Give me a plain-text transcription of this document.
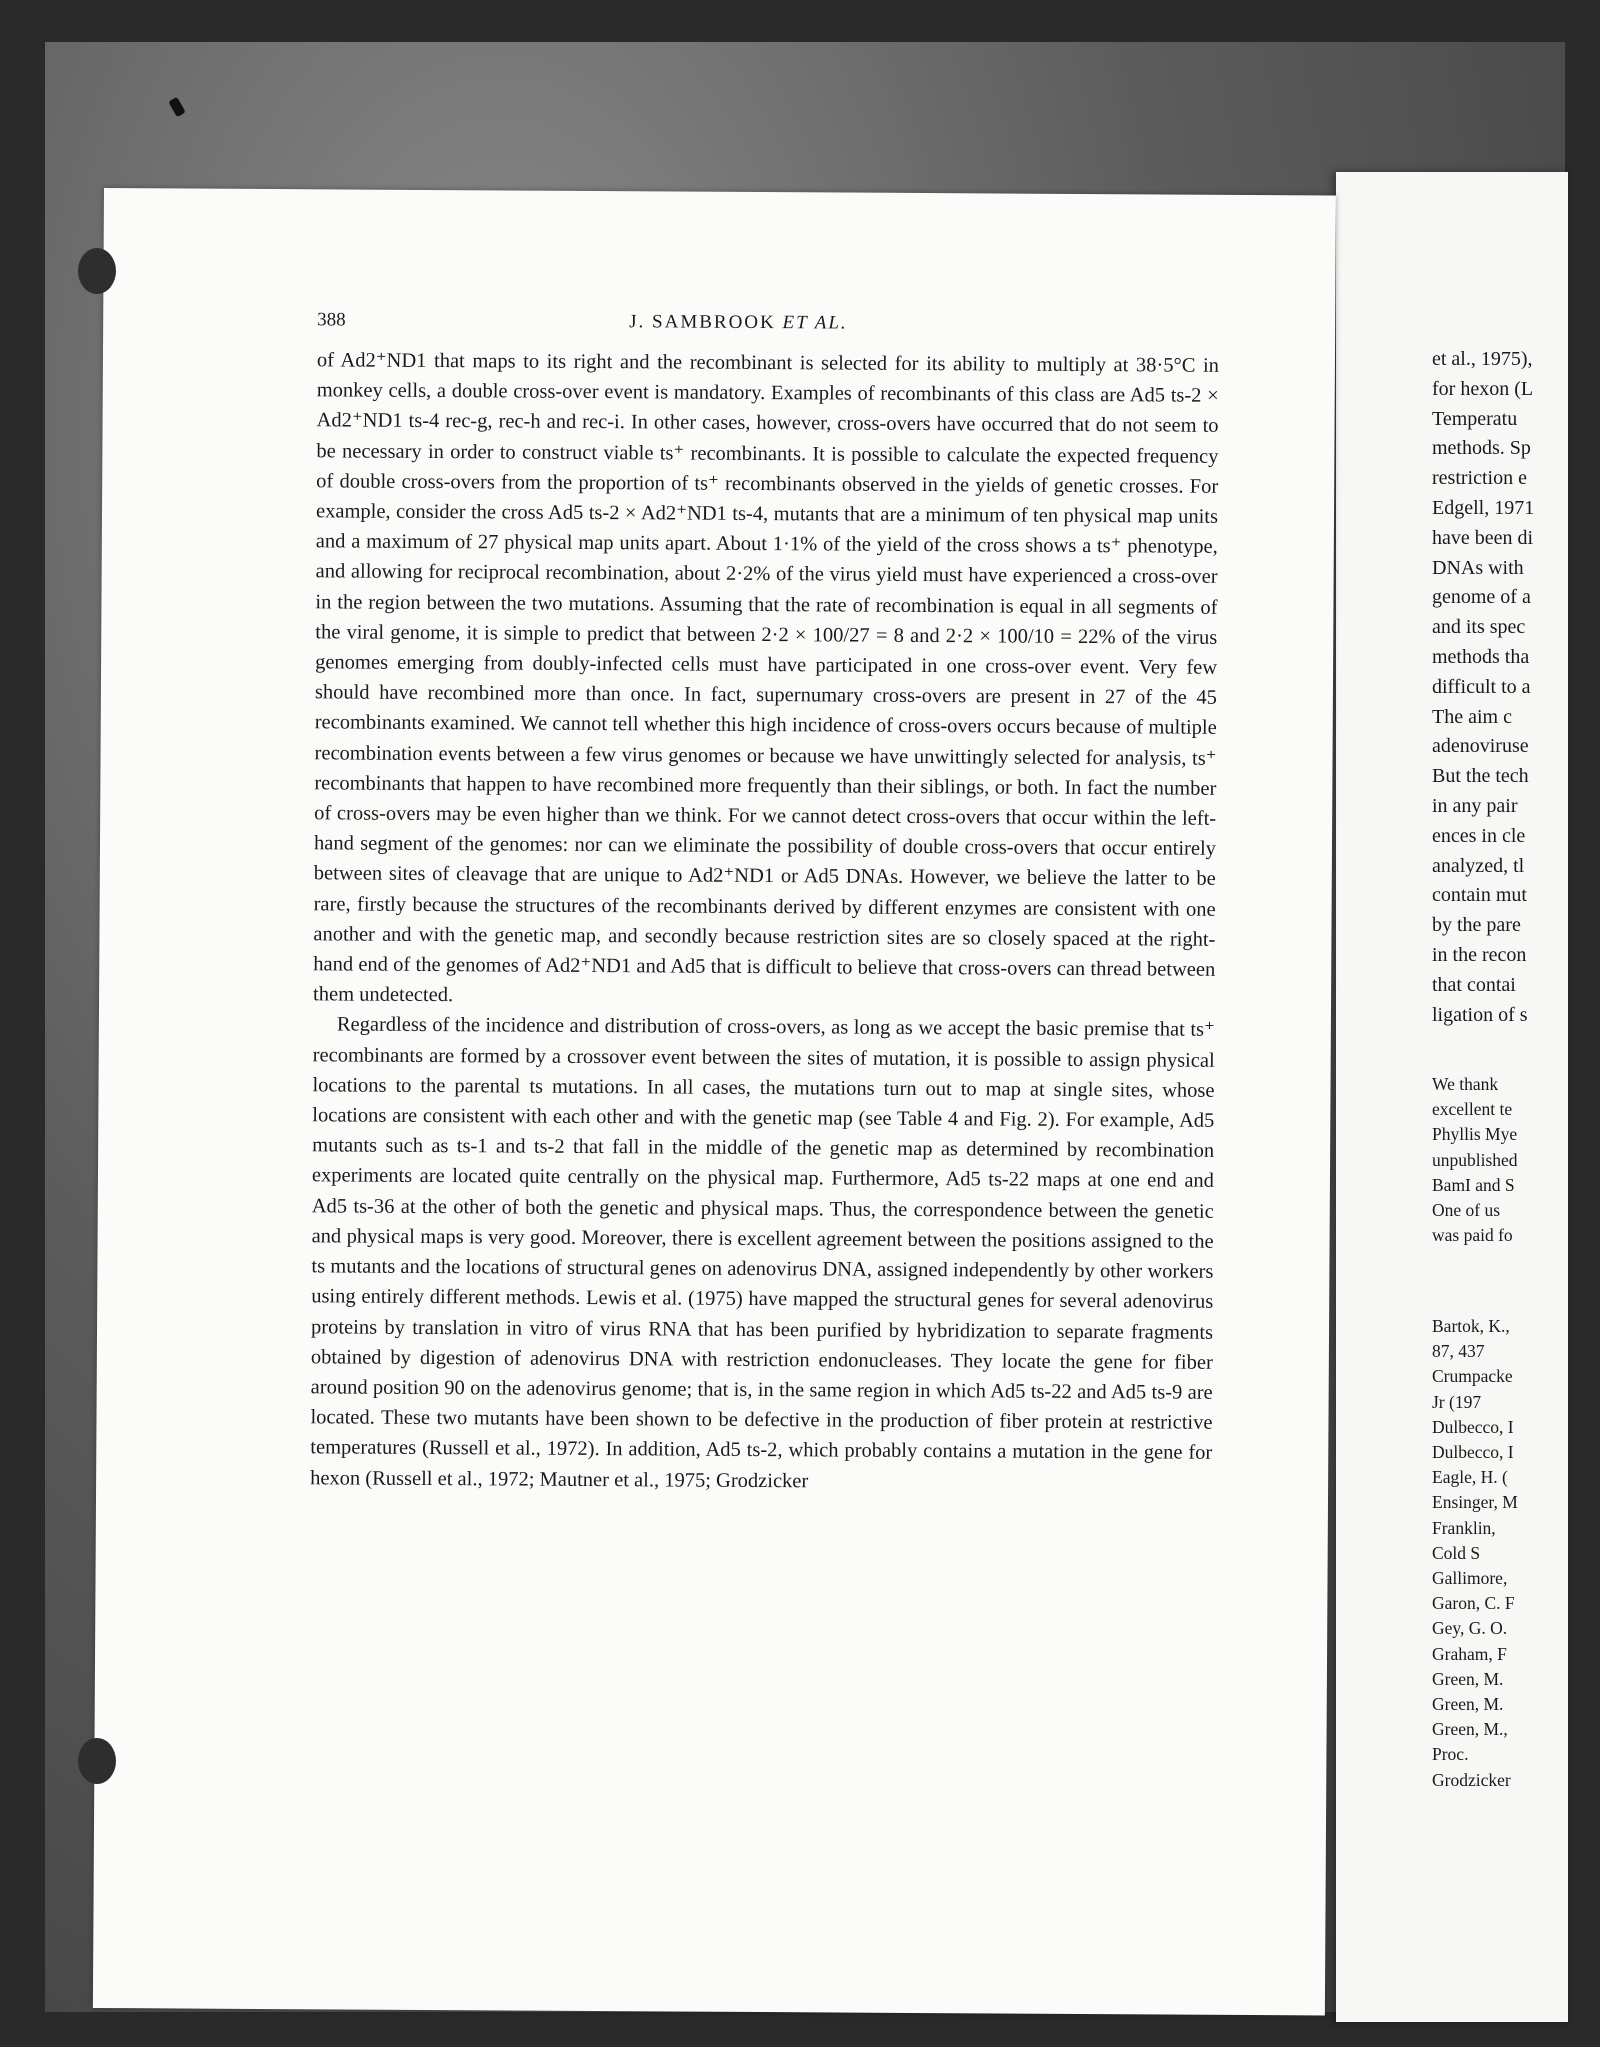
et al., 1975),
for hexon (L
Temperatu
methods. Sp
restriction e
Edgell, 1971
have been di
DNAs with
genome of a
and its spec
methods tha
difficult to a
The aim c
adenoviruse
But the tech
in any pair
ences in cle
analyzed, tl
contain mut
by the pare
in the recon
that contai
ligation of s
We thank
excellent te
Phyllis Mye
unpublished
BamI and S
One of us
was paid fo
Bartok, K.,
87, 437
Crumpacke
Jr (197
Dulbecco, I
Dulbecco, I
Eagle, H. (
Ensinger, M
Franklin,
Cold S
Gallimore,
Garon, C. F
Gey, G. O.
Graham, F
Green, M.
Green, M.
Green, M.,
Proc.
Grodzicker
388	J. SAMBROOK ET AL.

of Ad2⁺ND1 that maps to its right and the recombinant is selected for its ability to multiply at 38·5°C in monkey cells, a double cross-over event is mandatory. Examples of recombinants of this class are Ad5 ts-2 × Ad2⁺ND1 ts-4 rec-g, rec-h and rec-i. In other cases, however, cross-overs have occurred that do not seem to be necessary in order to construct viable ts⁺ recombinants. It is possible to calculate the expected frequency of double cross-overs from the proportion of ts⁺ recombinants observed in the yields of genetic crosses. For example, consider the cross Ad5 ts-2 × Ad2⁺ND1 ts-4, mutants that are a minimum of ten physical map units and a maximum of 27 physical map units apart. About 1·1% of the yield of the cross shows a ts⁺ phenotype, and allowing for reciprocal recombination, about 2·2% of the virus yield must have experienced a cross-over in the region between the two mutations. Assuming that the rate of recombination is equal in all segments of the viral genome, it is simple to predict that between 2·2 × 100/27 = 8 and 2·2 × 100/10 = 22% of the virus genomes emerging from doubly-infected cells must have participated in one cross-over event. Very few should have recombined more than once. In fact, supernumary cross-overs are present in 27 of the 45 recombinants examined. We cannot tell whether this high incidence of cross-overs occurs because of multiple recombination events between a few virus genomes or because we have unwittingly selected for analysis, ts⁺ recombinants that happen to have recombined more frequently than their siblings, or both. In fact the number of cross-overs may be even higher than we think. For we cannot detect cross-overs that occur within the left-hand segment of the genomes: nor can we eliminate the possibility of double cross-overs that occur entirely between sites of cleavage that are unique to Ad2⁺ND1 or Ad5 DNAs. However, we believe the latter to be rare, firstly because the structures of the recombinants derived by different enzymes are consistent with one another and with the genetic map, and secondly because restriction sites are so closely spaced at the right-hand end of the genomes of Ad2⁺ND1 and Ad5 that is difficult to believe that cross-overs can thread between them undetected.

Regardless of the incidence and distribution of cross-overs, as long as we accept the basic premise that ts⁺ recombinants are formed by a crossover event between the sites of mutation, it is possible to assign physical locations to the parental ts mutations. In all cases, the mutations turn out to map at single sites, whose locations are consistent with each other and with the genetic map (see Table 4 and Fig. 2). For example, Ad5 mutants such as ts-1 and ts-2 that fall in the middle of the genetic map as determined by recombination experiments are located quite centrally on the physical map. Furthermore, Ad5 ts-22 maps at one end and Ad5 ts-36 at the other of both the genetic and physical maps. Thus, the correspondence between the genetic and physical maps is very good. Moreover, there is excellent agreement between the positions assigned to the ts mutants and the locations of structural genes on adenovirus DNA, assigned independently by other workers using entirely different methods. Lewis et al. (1975) have mapped the structural genes for several adenovirus proteins by translation in vitro of virus RNA that has been purified by hybridization to separate fragments obtained by digestion of adenovirus DNA with restriction endonucleases. They locate the gene for fiber around position 90 on the adenovirus genome; that is, in the same region in which Ad5 ts-22 and Ad5 ts-9 are located. These two mutants have been shown to be defective in the production of fiber protein at restrictive temperatures (Russell et al., 1972). In addition, Ad5 ts-2, which probably contains a mutation in the gene for hexon (Russell et al., 1972; Mautner et al., 1975; Grodzicker
